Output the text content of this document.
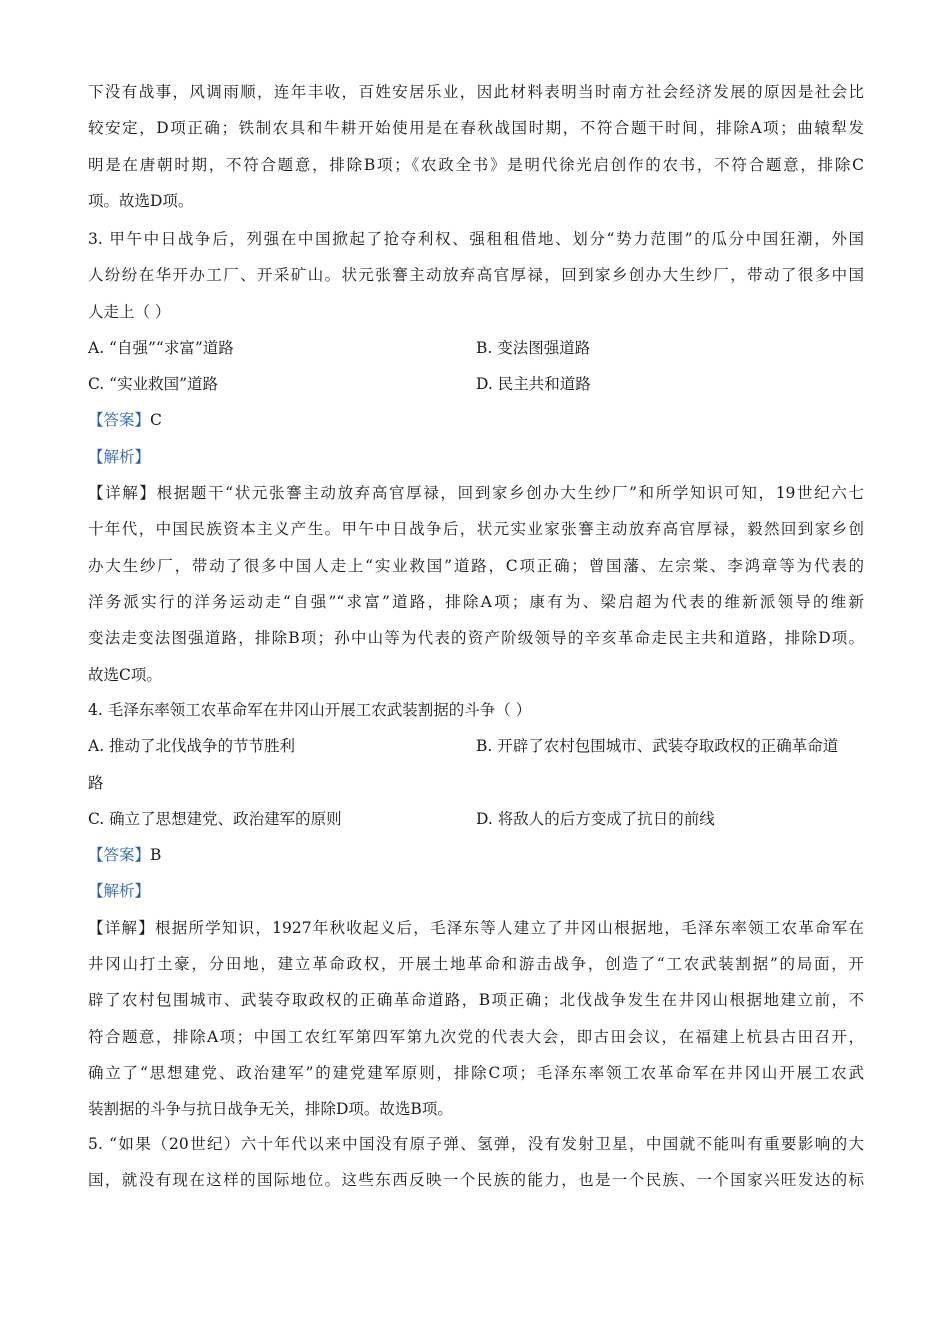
下没有战事，风调雨顺，连年丰收，百姓安居乐业，因此材料表明当时南方社会经济发展的原因是社会比
较安定，D项正确；铁制农具和牛耕开始使用是在春秋战国时期，不符合题干时间，排除A项；曲辕犁发
明是在唐朝时期，不符合题意，排除B项；《农政全书》是明代徐光启创作的农书，不符合题意，排除C
项。故选D项。
3. 甲午中日战争后，列强在中国掀起了抢夺利权、强租租借地、划分“势力范围”的瓜分中国狂潮，外国
人纷纷在华开办工厂、开采矿山。状元张謇主动放弃高官厚禄，回到家乡创办大生纱厂，带动了很多中国
人走上（ ）
A. “自强”“求富”道路	B. 变法图强道路
C. “实业救国”道路	D. 民主共和道路
【答案】C
【解析】
【详解】根据题干“状元张謇主动放弃高官厚禄，回到家乡创办大生纱厂”和所学知识可知，19世纪六七
十年代，中国民族资本主义产生。甲午中日战争后，状元实业家张謇主动放弃高官厚禄，毅然回到家乡创
办大生纱厂，带动了很多中国人走上“实业救国”道路，C项正确；曾国藩、左宗棠、李鸿章等为代表的
洋务派实行的洋务运动走“自强”“求富”道路，排除A项；康有为、梁启超为代表的维新派领导的维新
变法走变法图强道路，排除B项；孙中山等为代表的资产阶级领导的辛亥革命走民主共和道路，排除D项。
故选C项。
4. 毛泽东率领工农革命军在井冈山开展工农武装割据的斗争（ ）
A. 推动了北伐战争的节节胜利	B. 开辟了农村包围城市、武装夺取政权的正确革命道
路
C. 确立了思想建党、政治建军的原则	D. 将敌人的后方变成了抗日的前线
【答案】B
【解析】
【详解】根据所学知识，1927年秋收起义后，毛泽东等人建立了井冈山根据地，毛泽东率领工农革命军在
井冈山打土豪，分田地，建立革命政权，开展土地革命和游击战争，创造了“工农武装割据”的局面，开
辟了农村包围城市、武装夺取政权的正确革命道路，B项正确；北伐战争发生在井冈山根据地建立前，不
符合题意，排除A项；中国工农红军第四军第九次党的代表大会，即古田会议，在福建上杭县古田召开，
确立了“思想建党、政治建军”的建党建军原则，排除C项；毛泽东率领工农革命军在井冈山开展工农武
装割据的斗争与抗日战争无关，排除D项。故选B项。
5. “如果（20世纪）六十年代以来中国没有原子弹、氢弹，没有发射卫星，中国就不能叫有重要影响的大
国，就没有现在这样的国际地位。这些东西反映一个民族的能力，也是一个民族、一个国家兴旺发达的标
